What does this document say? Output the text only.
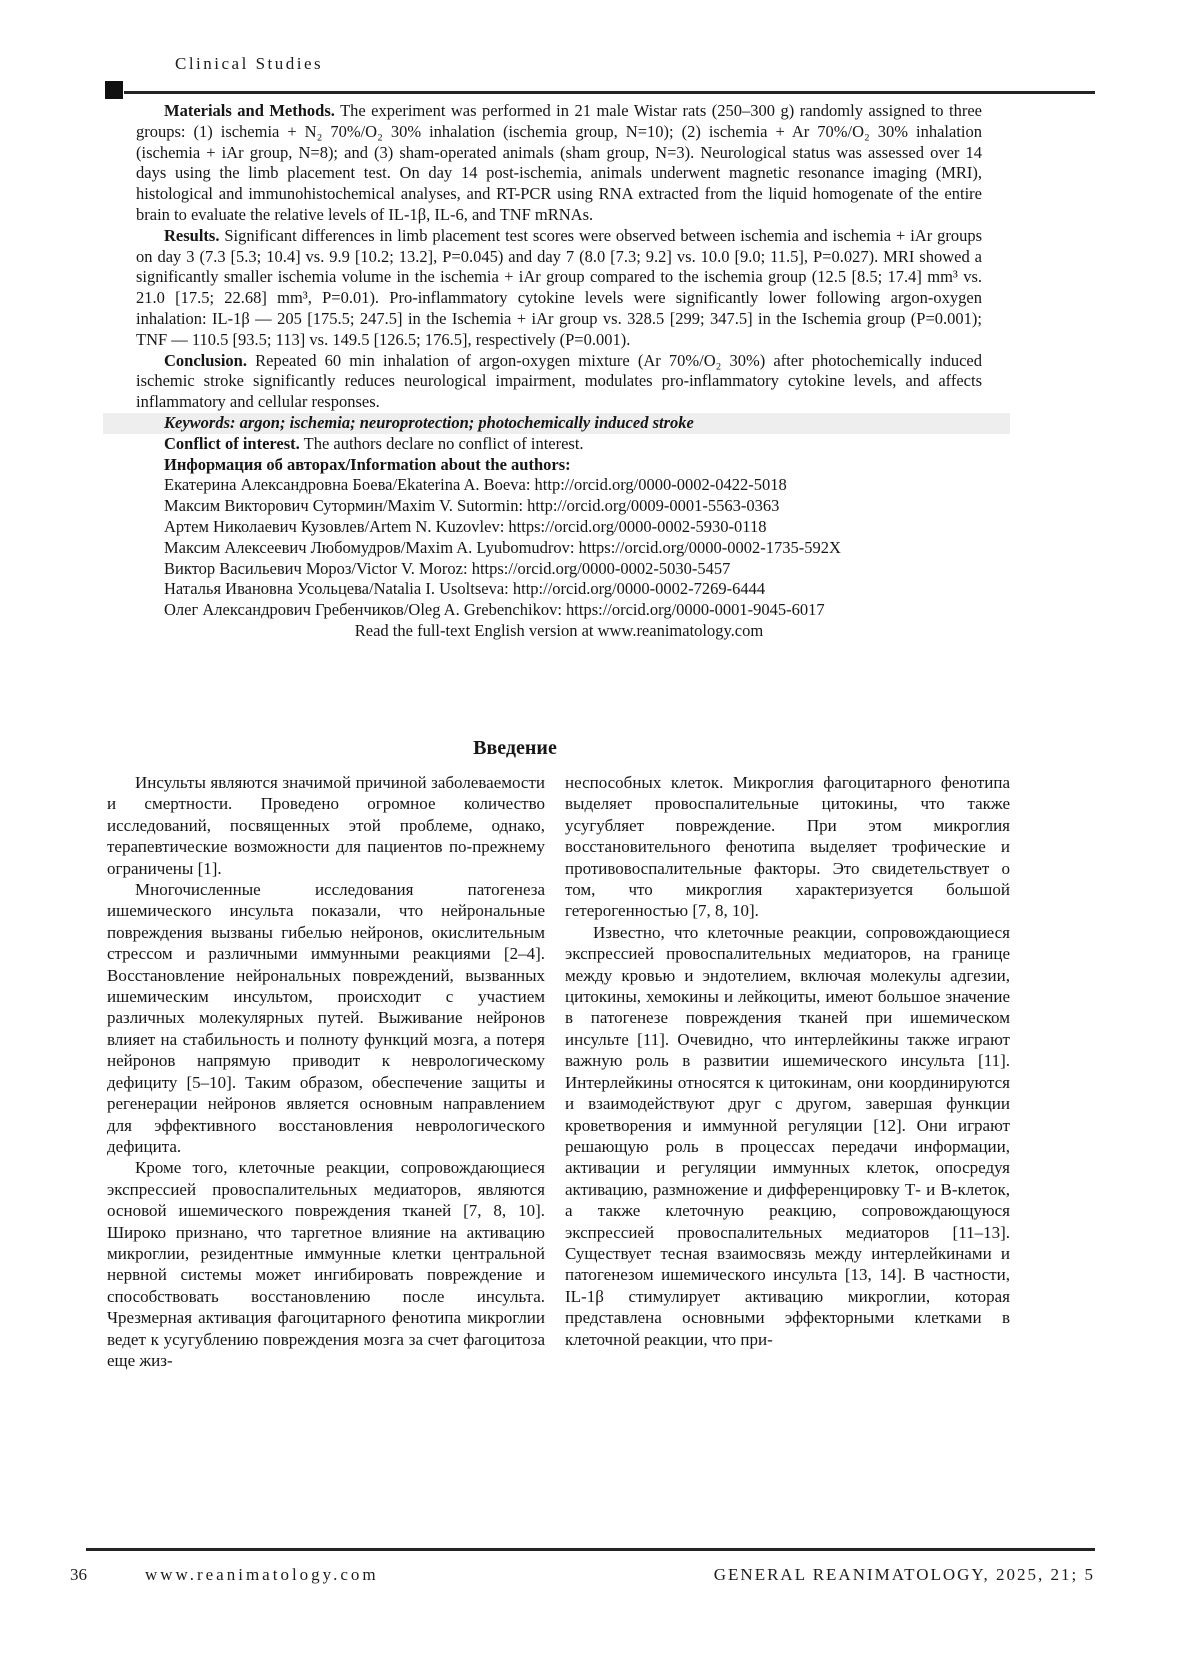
Clinical Studies

Materials and Methods. The experiment was performed in 21 male Wistar rats (250–300 g) randomly assigned to three groups: (1) ischemia + N₂ 70%/O₂ 30% inhalation (ischemia group, N=10); (2) ischemia + Ar 70%/O₂ 30% inhalation (ischemia + iAr group, N=8); and (3) sham-operated animals (sham group, N=3). Neurological status was assessed over 14 days using the limb placement test. On day 14 post-ischemia, animals underwent magnetic resonance imaging (MRI), histological and immunohistochemical analyses, and RT-PCR using RNA extracted from the liquid homogenate of the entire brain to evaluate the relative levels of IL-1β, IL-6, and TNF mRNAs.

Results. Significant differences in limb placement test scores were observed between ischemia and ischemia + iAr groups on day 3 (7.3 [5.3; 10.4] vs. 9.9 [10.2; 13.2], P=0.045) and day 7 (8.0 [7.3; 9.2] vs. 10.0 [9.0; 11.5], P=0.027). MRI showed a significantly smaller ischemia volume in the ischemia + iAr group compared to the ischemia group (12.5 [8.5; 17.4] mm³ vs. 21.0 [17.5; 22.68] mm³, P=0.01). Pro-inflammatory cytokine levels were significantly lower following argon-oxygen inhalation: IL-1β — 205 [175.5; 247.5] in the Ischemia + iAr group vs. 328.5 [299; 347.5] in the Ischemia group (P=0.001); TNF — 110.5 [93.5; 113] vs. 149.5 [126.5; 176.5], respectively (P=0.001).

Conclusion. Repeated 60 min inhalation of argon-oxygen mixture (Ar 70%/O₂ 30%) after photochemically induced ischemic stroke significantly reduces neurological impairment, modulates pro-inflammatory cytokine levels, and affects inflammatory and cellular responses.

Keywords: argon; ischemia; neuroprotection; photochemically induced stroke

Conflict of interest. The authors declare no conflict of interest.

Информация об авторах/Information about the authors:

Екатерина Александровна Боева/Ekaterina A. Boeva: http://orcid.org/0000-0002-0422-5018

Максим Викторович Сутормин/Maxim V. Sutormin: http://orcid.org/0009-0001-5563-0363

Артем Николаевич Кузовлев/Artem N. Kuzovlev: https://orcid.org/0000-0002-5930-0118

Максим Алексеевич Любомудров/Maxim A. Lyubomudrov: https://orcid.org/0000-0002-1735-592X

Виктор Васильевич Мороз/Victor V. Moroz: https://orcid.org/0000-0002-5030-5457

Наталья Ивановна Усольцева/Natalia I. Usoltseva: http://orcid.org/0000-0002-7269-6444

Олег Александрович Гребенчиков/Oleg A. Grebenchikov: https://orcid.org/0000-0001-9045-6017

Read the full-text English version at www.reanimatology.com

Введение

Инсульты являются значимой причиной заболеваемости и смертности. Проведено огромное количество исследований, посвященных этой проблеме, однако, терапевтические возможности для пациентов по-прежнему ограничены [1].

Многочисленные исследования патогенеза ишемического инсульта показали, что нейрональные повреждения вызваны гибелью нейронов, окислительным стрессом и различными иммунными реакциями [2–4]. Восстановление нейрональных повреждений, вызванных ишемическим инсультом, происходит с участием различных молекулярных путей. Выживание нейронов влияет на стабильность и полноту функций мозга, а потеря нейронов напрямую приводит к неврологическому дефициту [5–10]. Таким образом, обеспечение защиты и регенерации нейронов является основным направлением для эффективного восстановления неврологического дефицита.

Кроме того, клеточные реакции, сопровождающиеся экспрессией провоспалительных медиаторов, являются основой ишемического повреждения тканей [7, 8, 10]. Широко признано, что таргетное влияние на активацию микроглии, резидентные иммунные клетки центральной нервной системы может ингибировать повреждение и способствовать восстановлению после инсульта. Чрезмерная активация фагоцитарного фенотипа микроглии ведет к усугублению повреждения мозга за счет фагоцитоза еще жиз-

неспособных клеток. Микроглия фагоцитарного фенотипа выделяет провоспалительные цитокины, что также усугубляет повреждение. При этом микроглия восстановительного фенотипа выделяет трофические и противовоспалительные факторы. Это свидетельствует о том, что микроглия характеризуется большой гетерогенностью [7, 8, 10].

Известно, что клеточные реакции, сопровождающиеся экспрессией провоспалительных медиаторов, на границе между кровью и эндотелием, включая молекулы адгезии, цитокины, хемокины и лейкоциты, имеют большое значение в патогенезе повреждения тканей при ишемическом инсульте [11]. Очевидно, что интерлейкины также играют важную роль в развитии ишемического инсульта [11]. Интерлейкины относятся к цитокинам, они координируются и взаимодействуют друг с другом, завершая функции кроветворения и иммунной регуляции [12]. Они играют решающую роль в процессах передачи информации, активации и регуляции иммунных клеток, опосредуя активацию, размножение и дифференцировку Т- и В-клеток, а также клеточную реакцию, сопровождающуюся экспрессией провоспалительных медиаторов [11–13]. Существует тесная взаимосвязь между интерлейкинами и патогенезом ишемического инсульта [13, 14]. В частности, IL-1β стимулирует активацию микроглии, которая представлена основными эффекторными клетками в клеточной реакции, что при-

36	www.reanimatology.com	GENERAL REANIMATOLOGY, 2025, 21; 5
